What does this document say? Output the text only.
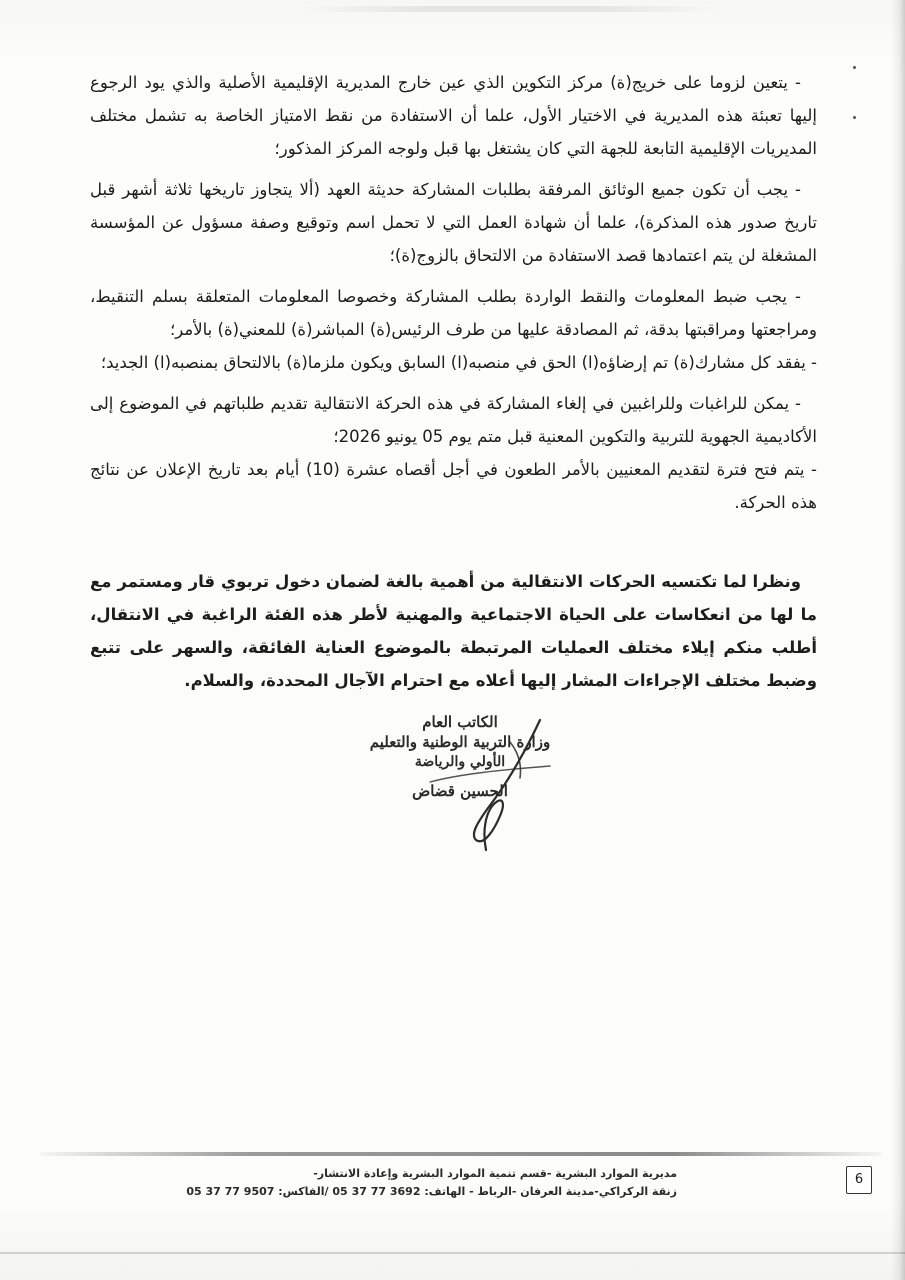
- يتعين لزوما على خريج(ة) مركز التكوين الذي عين خارج المديرية الإقليمية الأصلية والذي يود الرجوع إليها تعبئة هذه المديرية في الاختيار الأول، علما أن الاستفادة من نقط الامتياز الخاصة به تشمل مختلف المديريات الإقليمية التابعة للجهة التي كان يشتغل بها قبل ولوجه المركز المذكور؛

- يجب أن تكون جميع الوثائق المرفقة بطلبات المشاركة حديثة العهد (ألا يتجاوز تاريخها ثلاثة أشهر قبل تاريخ صدور هذه المذكرة)، علما أن شهادة العمل التي لا تحمل اسم وتوقيع وصفة مسؤول عن المؤسسة المشغلة لن يتم اعتمادها قصد الاستفادة من الالتحاق بالزوج(ة)؛

- يجب ضبط المعلومات والنقط الواردة بطلب المشاركة وخصوصا المعلومات المتعلقة بسلم التنقيط، ومراجعتها ومراقبتها بدقة، ثم المصادقة عليها من طرف الرئيس(ة) المباشر(ة) للمعني(ة) بالأمر؛

- يفقد كل مشارك(ة) تم إرضاؤه(ا) الحق في منصبه(ا) السابق ويكون ملزما(ة) بالالتحاق بمنصبه(ا) الجديد؛

- يمكن للراغبات وللراغبين في إلغاء المشاركة في هذه الحركة الانتقالية تقديم طلباتهم في الموضوع إلى الأكاديمية الجهوية للتربية والتكوين المعنية قبل متم يوم 05 يونيو 2026؛

- يتم فتح فترة لتقديم المعنيين بالأمر الطعون في أجل أقصاه عشرة (10) أيام بعد تاريخ الإعلان عن نتائج هذه الحركة.

ونظرا لما تكتسيه الحركات الانتقالية من أهمية بالغة لضمان دخول تربوي قار ومستمر مع ما لها من انعكاسات على الحياة الاجتماعية والمهنية لأطر هذه الفئة الراغبة في الانتقال، أطلب منكم إيلاء مختلف العمليات المرتبطة بالموضوع العناية الفائقة، والسهر على تتبع وضبط مختلف الإجراءات المشار إليها أعلاه مع احترام الآجال المحددة، والسلام.

الكاتب العام
وزارة التربية الوطنية والتعليم
الأولي والرياضة
الحسين قضاض
مديرية الموارد البشرية -قسم تنمية الموارد البشرية وإعادة الانتشار-
زنقة الركراكي-مدينة العرفان -الرباط - الهاتف: 3692 77 37 05 /الفاكس: 9507 77 37 05
6
